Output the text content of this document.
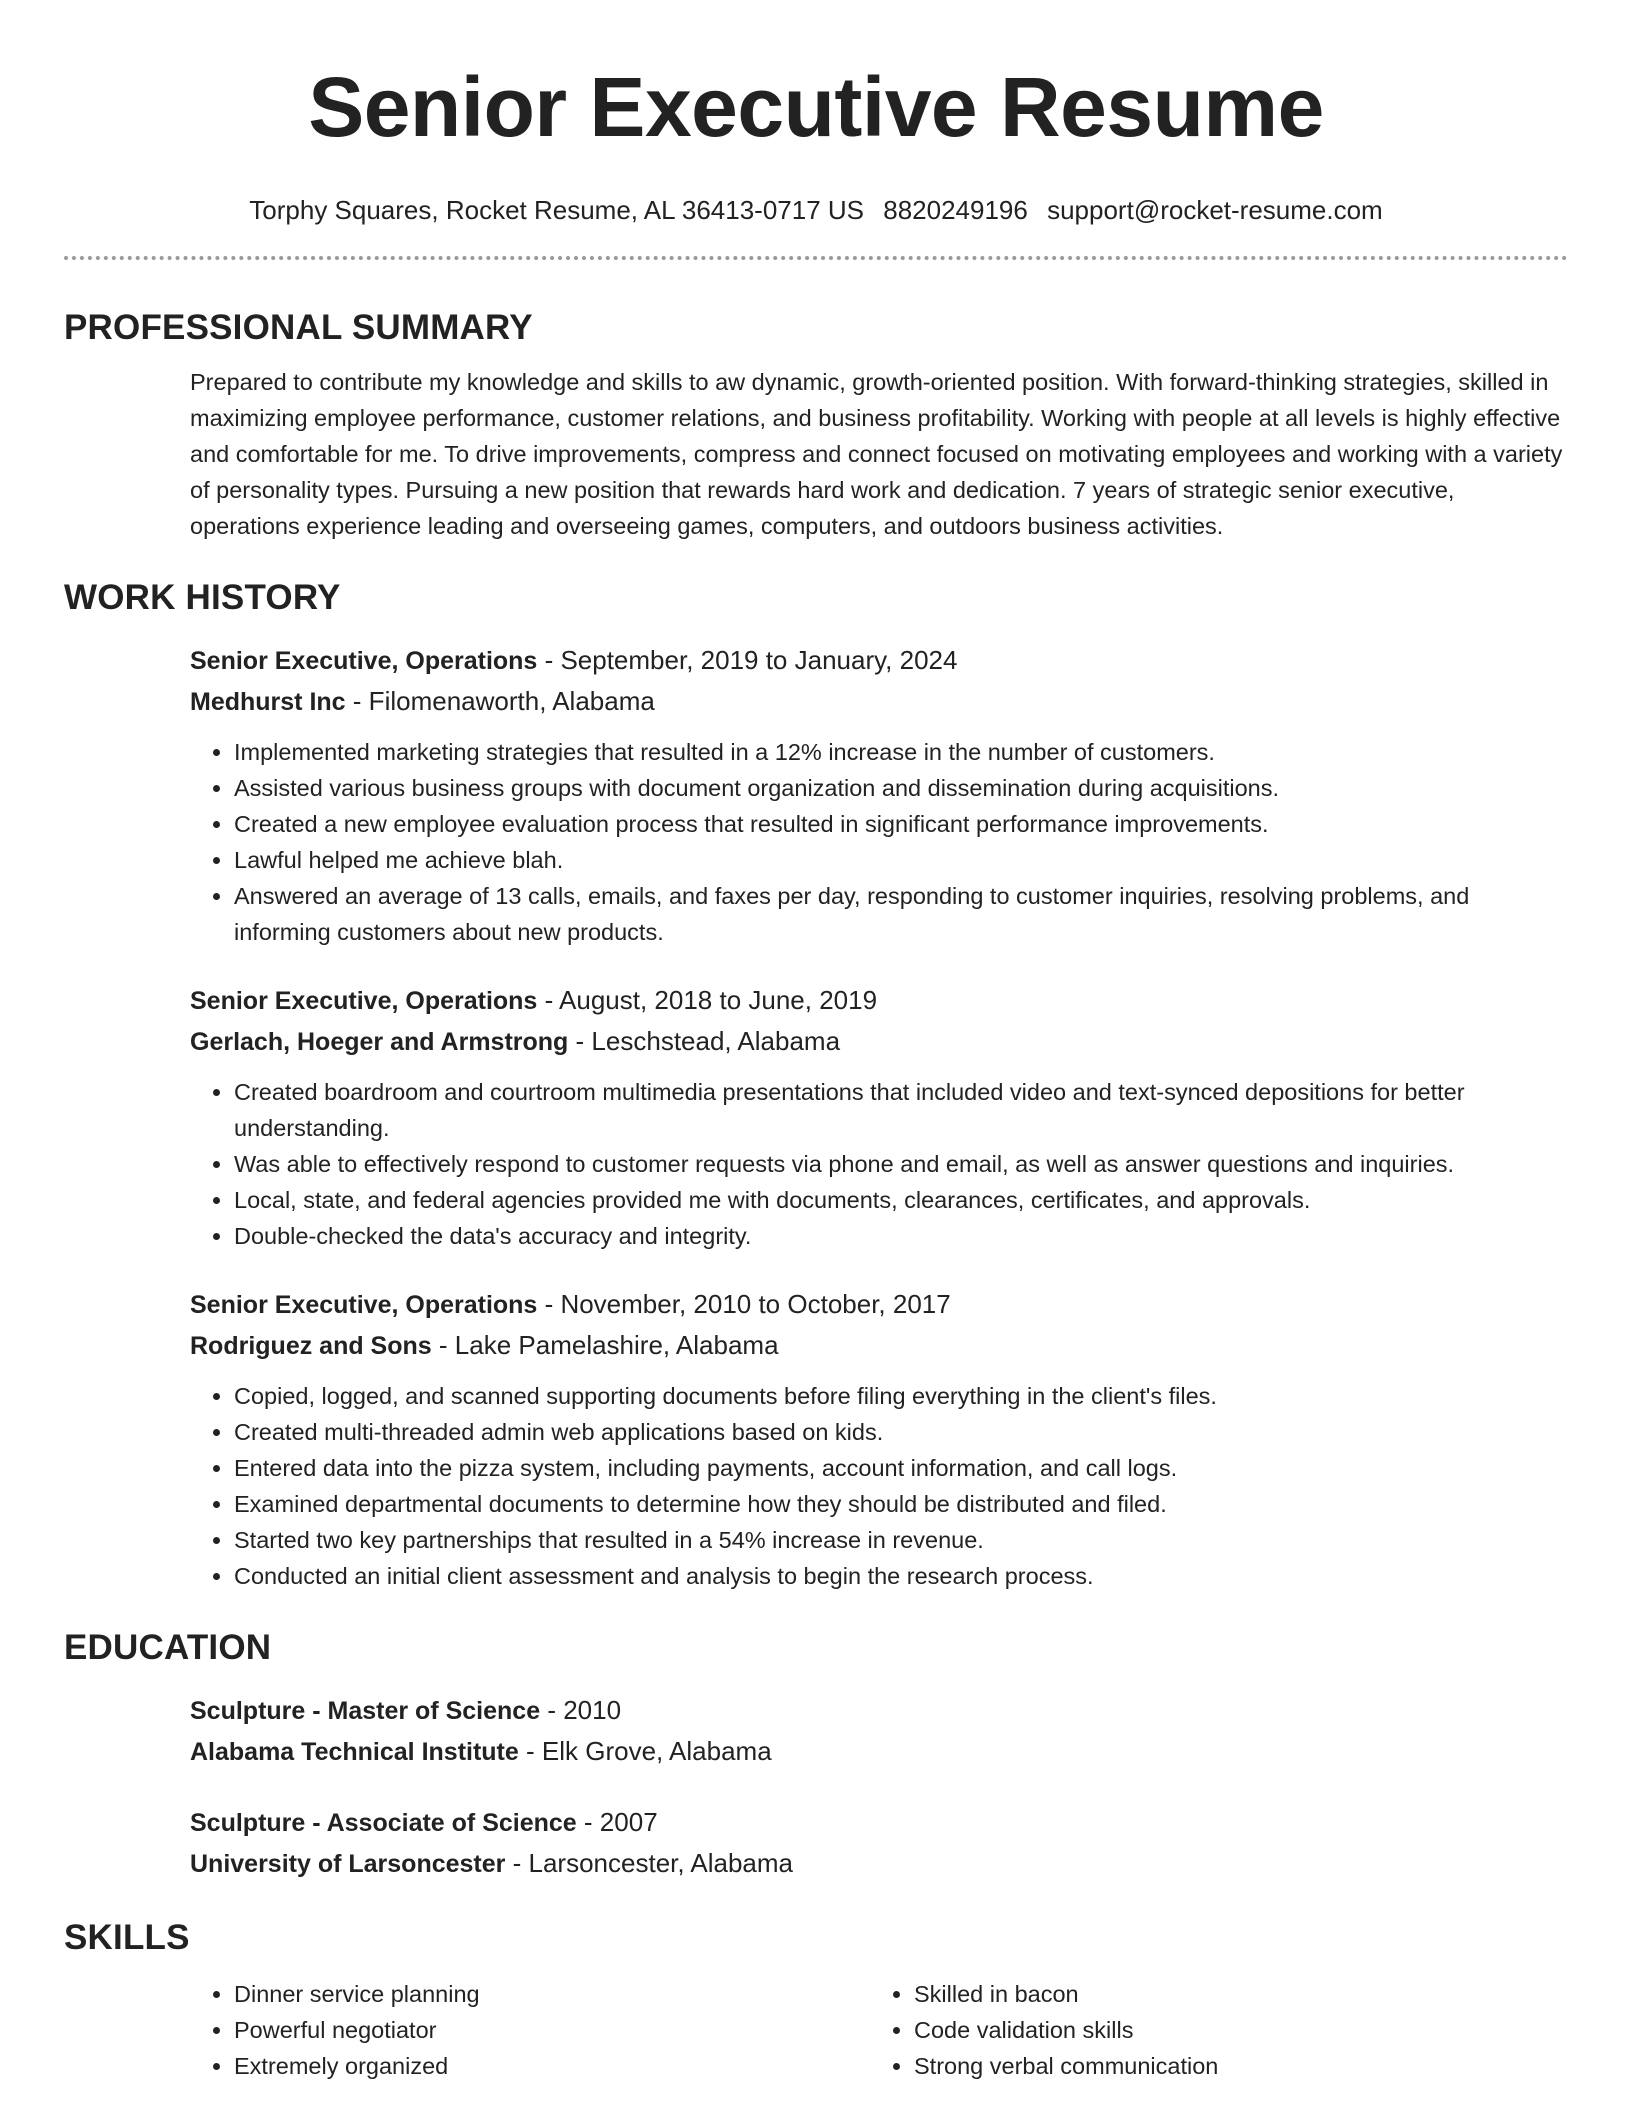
Senior Executive Resume
Torphy Squares, Rocket Resume, AL 36413-0717 US 8820249196 support@rocket-resume.com
PROFESSIONAL SUMMARY

Prepared to contribute my knowledge and skills to aw dynamic, growth-oriented position. With forward-thinking strategies, skilled in maximizing employee performance, customer relations, and business profitability. Working with people at all levels is highly effective and comfortable for me. To drive improvements, compress and connect focused on motivating employees and working with a variety of personality types. Pursuing a new position that rewards hard work and dedication. 7 years of strategic senior executive, operations experience leading and overseeing games, computers, and outdoors business activities.

WORK HISTORY
Senior Executive, Operations - September, 2019 to January, 2024
Medhurst Inc - Filomenaworth, Alabama
• Implemented marketing strategies that resulted in a 12% increase in the number of customers.
• Assisted various business groups with document organization and dissemination during acquisitions.
• Created a new employee evaluation process that resulted in significant performance improvements.
• Lawful helped me achieve blah.
• Answered an average of 13 calls, emails, and faxes per day, responding to customer inquiries, resolving problems, and informing customers about new products.
Senior Executive, Operations - August, 2018 to June, 2019
Gerlach, Hoeger and Armstrong - Leschstead, Alabama
• Created boardroom and courtroom multimedia presentations that included video and text-synced depositions for better understanding.
• Was able to effectively respond to customer requests via phone and email, as well as answer questions and inquiries.
• Local, state, and federal agencies provided me with documents, clearances, certificates, and approvals.
• Double-checked the data's accuracy and integrity.
Senior Executive, Operations - November, 2010 to October, 2017
Rodriguez and Sons - Lake Pamelashire, Alabama
• Copied, logged, and scanned supporting documents before filing everything in the client's files.
• Created multi-threaded admin web applications based on kids.
• Entered data into the pizza system, including payments, account information, and call logs.
• Examined departmental documents to determine how they should be distributed and filed.
• Started two key partnerships that resulted in a 54% increase in revenue.
• Conducted an initial client assessment and analysis to begin the research process.
EDUCATION
Sculpture - Master of Science - 2010
Alabama Technical Institute - Elk Grove, Alabama
Sculpture - Associate of Science - 2007
University of Larsoncester - Larsoncester, Alabama
SKILLS
• Dinner service planning
• Powerful negotiator
• Extremely organized
• Skilled in bacon
• Code validation skills
• Strong verbal communication
